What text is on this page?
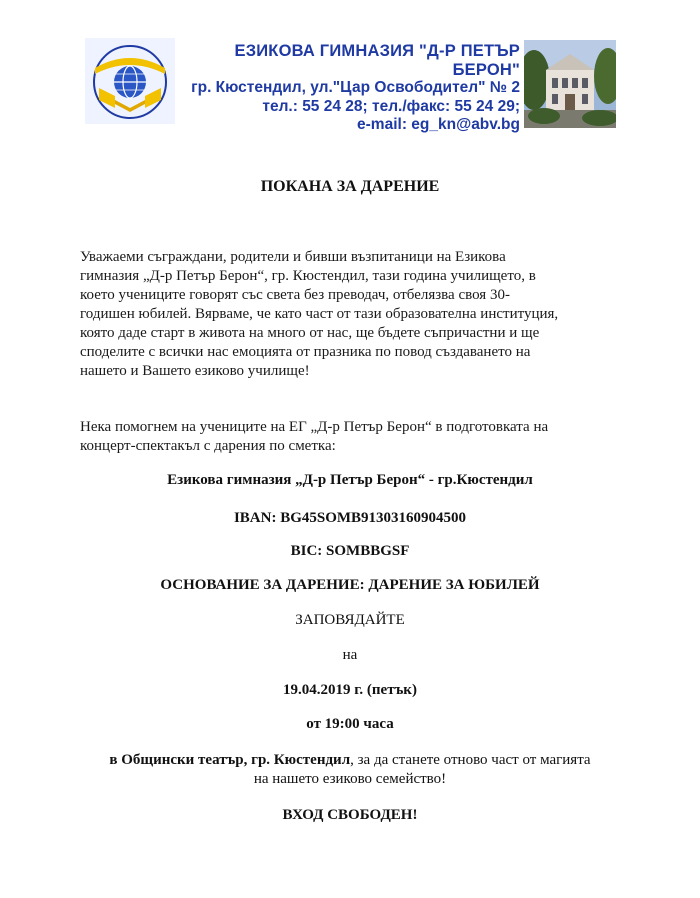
ЕЗИКОВА ГИМНАЗИЯ "Д-Р ПЕТЪР БЕРОН"
гр. Кюстендил, ул."Цар Освободител" № 2
тел.: 55 24 28; тел./факс: 55 24 29;
e-mail: eg_kn@abv.bg
ПОКАНА ЗА ДАРЕНИЕ
Уважаеми съграждани, родители и бивши възпитаници на Езикова
гимназия „Д-р Петър Берон“, гр. Кюстендил, тази година училището, в
което учениците говорят със света без преводач, отбелязва своя 30-
годишен юбилей. Вярваме, че като част от тази образователна институция,
която даде старт в живота на много от нас, ще бъдете съпричастни и ще
споделите с всички нас емоцията от празника по повод създаването на
нашето и Вашето езиково училище!
Нека помогнем на учениците на ЕГ „Д-р Петър Берон“ в подготовката на
концерт-спектакъл с дарения по сметка:
Езикова гимназия „Д-р Петър Берон“ - гр.Кюстендил
IBAN: BG45SOMB91303160904500
BIC: SOMBBGSF
ОСНОВАНИЕ ЗА ДАРЕНИЕ: ДАРЕНИЕ ЗА ЮБИЛЕЙ
ЗАПОВЯДАЙТЕ
на
19.04.2019 г. (петък)
от 19:00 часа
в Общински театър, гр. Кюстендил, за да станете отново част от магията
на нашето езиково семейство!
ВХОД СВОБОДЕН!
